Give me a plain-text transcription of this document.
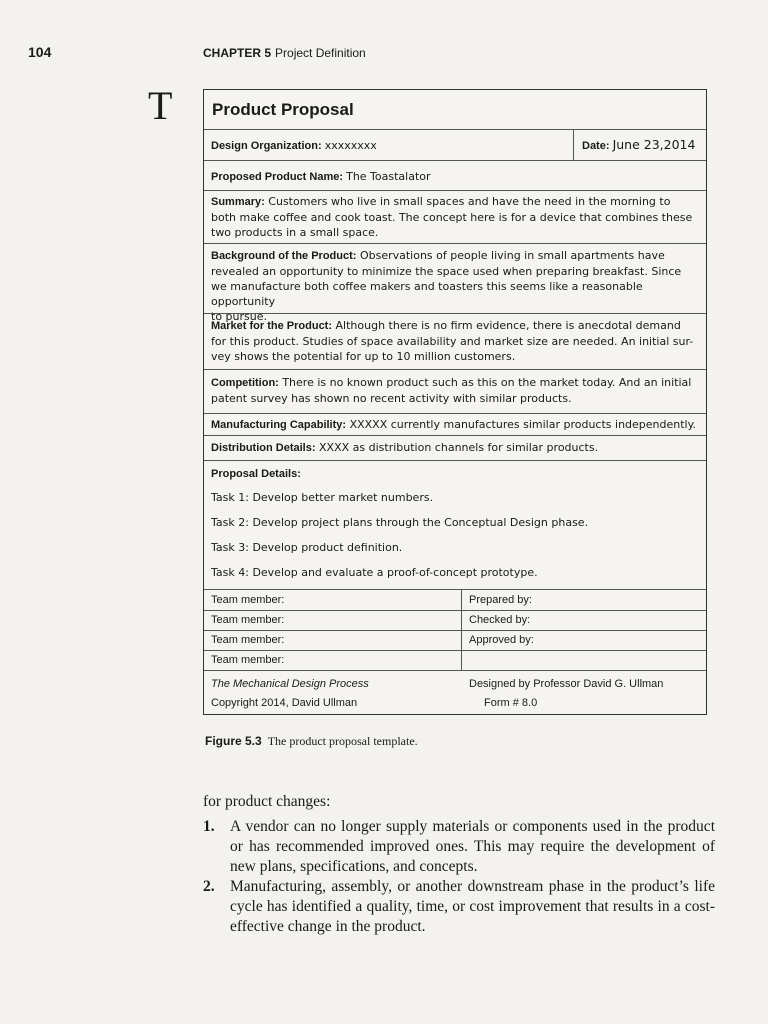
104	CHAPTER 5 Project Definition
T Product Proposal
Design Organization: xxxxxxxx	Date: June 23,2014
Proposed Product Name: The Toastalator
Summary: Customers who live in small spaces and have the need in the morning to
both make coffee and cook toast. The concept here is for a device that combines these
two products in a small space.
Background of the Product: Observations of people living in small apartments have
revealed an opportunity to minimize the space used when preparing breakfast. Since
we manufacture both coffee makers and toasters this seems like a reasonable opportunity
to pursue.
Market for the Product: Although there is no firm evidence, there is anecdotal demand
for this product. Studies of space availability and market size are needed. An initial sur-
vey shows the potential for up to 10 million customers.
Competition: There is no known product such as this on the market today. And an initial
patent survey has shown no recent activity with similar products.
Manufacturing Capability: XXXXX currently manufactures similar products independently.
Distribution Details: XXXX as distribution channels for similar products.
Proposal Details:
Task 1: Develop better market numbers.
Task 2: Develop project plans through the Conceptual Design phase.
Task 3: Develop product definition.
Task 4: Develop and evaluate a proof-of-concept prototype.
Team member:
Team member:
Team member:
Team member:
Prepared by:
Checked by:
Approved by:
The Mechanical Design Process
Copyright 2014, David Ullman
Designed by Professor David G. Ullman
Form # 8.0
Figure 5.3 The product proposal template.
for product changes:
1. A vendor can no longer supply materials or components used in the product or has recommended improved ones. This may require the development of new plans, specifications, and concepts.
2. Manufacturing, assembly, or another downstream phase in the product’s life cycle has identified a quality, time, or cost improvement that results in a cost-effective change in the product.
